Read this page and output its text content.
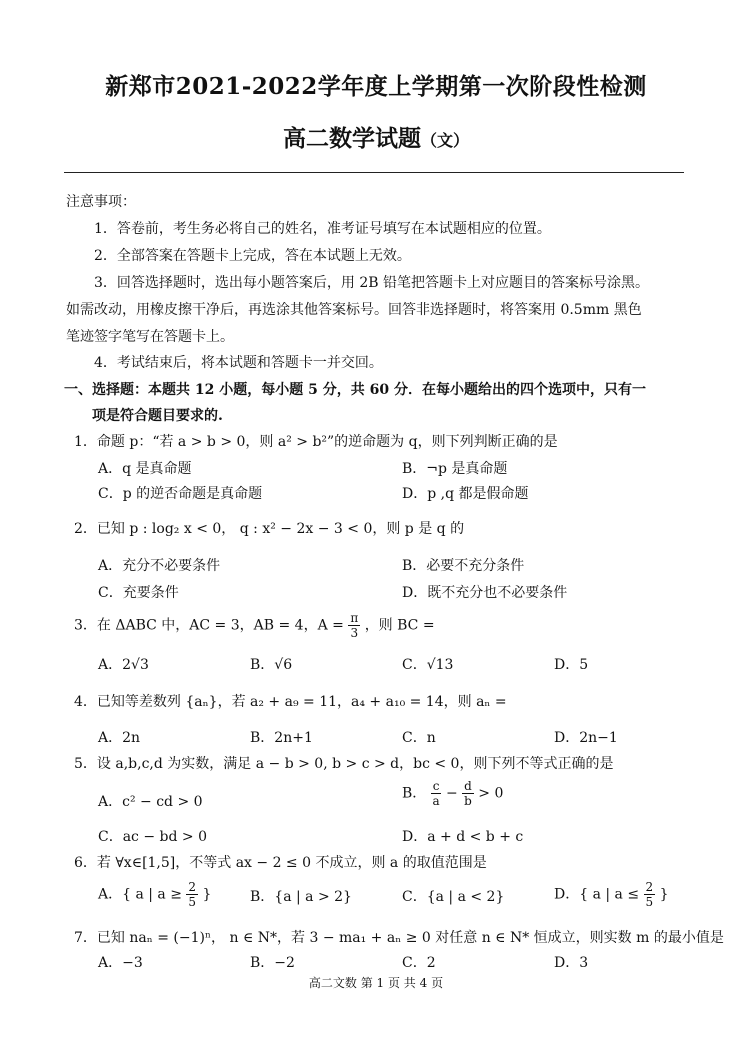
新郑市2021-2022学年度上学期第一次阶段性检测
高二数学试题（文）
注意事项：
1．答卷前，考生务必将自己的姓名，准考证号填写在本试题相应的位置。
2．全部答案在答题卡上完成，答在本试题上无效。
3．回答选择题时，选出每小题答案后，用 2B 铅笔把答题卡上对应题目的答案标号涂黑。
如需改动，用橡皮擦干净后，再选涂其他答案标号。回答非选择题时，将答案用 0.5mm 黑色
笔迹签字笔写在答题卡上。
4．考试结束后，将本试题和答题卡一并交回。
一、选择题：本题共 12 小题，每小题 5 分，共 60 分．在每小题给出的四个选项中，只有一
项是符合题目要求的.
1．命题 p：“若 a > b > 0，则 a² > b²”的逆命题为 q，则下列判断正确的是
A．q 是真命题	B．¬p 是真命题
C．p 的逆否命题是真命题	D．p ,q 都是假命题
2．已知 p : log₂ x < 0， q : x² − 2x − 3 < 0，则 p 是 q 的
A．充分不必要条件	B．必要不充分条件
C．充要条件	D．既不充分也不必要条件
3．在 ΔABC 中，AC = 3，AB = 4，$A = \frac{\pi}{3}$ ，则 BC =
A．2√3	B．√6	C．√13	D．5
4．已知等差数列 {aₙ}，若 a₂ + a₉ = 11，a₄ + a₁₀ = 14，则 aₙ =
A．2n	B．2n+1	C．n	D．2n−1
5．设 a,b,c,d 为实数，满足 a − b > 0, b > c > d，bc < 0，则下列不等式正确的是
A．c² − cd > 0
B． $\frac{c}{a} - \frac{d}{b} > 0$
C．ac − bd > 0	D．a + d < b + c
6．若 ∀x∈[1,5]，不等式 ax − 2 ≤ 0 不成立，则 a 的取值范围是
A．{ a | $a \ge \frac{2}{5}$ }	B．{a | a > 2}	C．{a | a < 2}	D．{ a | $a \le \frac{2}{5}$ }
7．已知 naₙ = (−1)ⁿ， n ∈ N*，若 3 − ma₁ + aₙ ≥ 0 对任意 n ∈ N* 恒成立，则实数 m 的最小值是
A．−3	B．−2	C．2	D．3
高二文数 第 1 页 共 4 页
